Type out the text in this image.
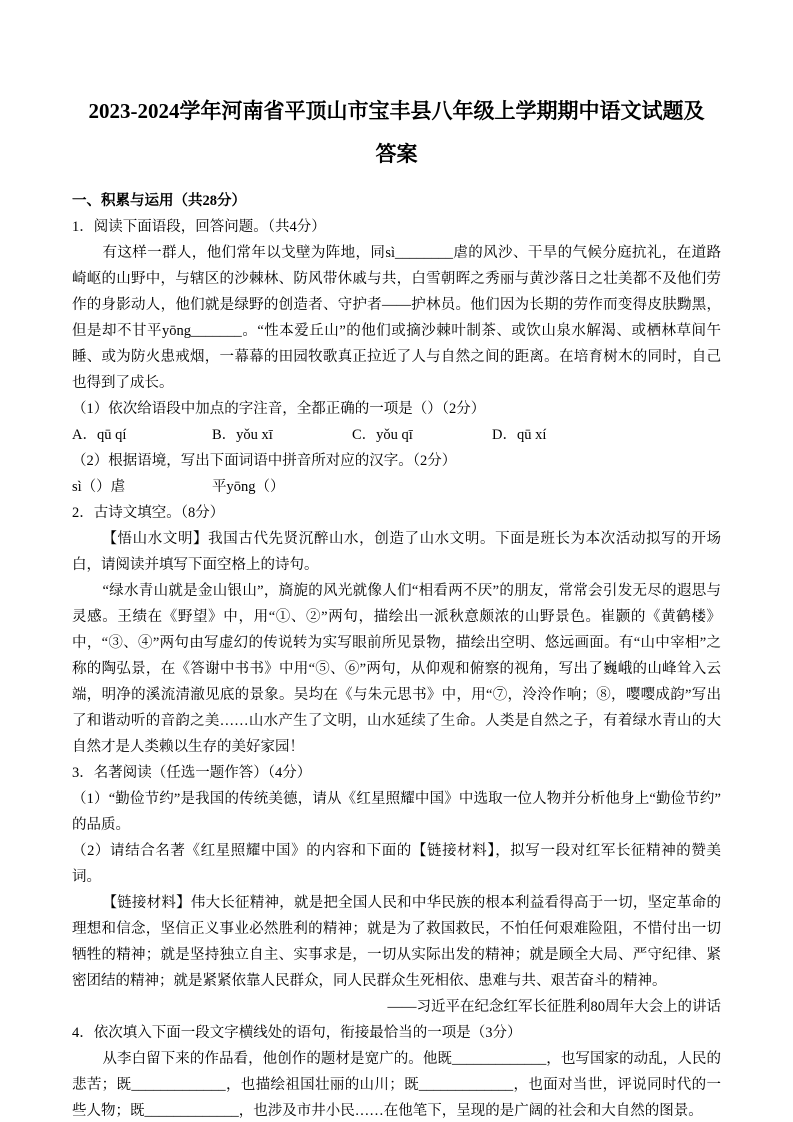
2023-2024学年河南省平顶山市宝丰县八年级上学期期中语文试题及
答案

一、积累与运用（共28分）

1．阅读下面语段，回答问题。（共4分）

有这样一群人，他们常年以戈壁为阵地，同sì________虐的风沙、干旱的气候分庭抗礼，在道路崎岖的山野中，与辖区的沙棘林、防风带休戚与共，白雪朝晖之秀丽与黄沙落日之壮美都不及他们劳作的身影动人，他们就是绿野的创造者、守护者——护林员。他们因为长期的劳作而变得皮肤黝黑，但是却不甘平yōng_______。“性本爱丘山”的他们或摘沙棘叶制茶、或饮山泉水解渴、或栖林草间午睡、或为防火患戒烟，一幕幕的田园牧歌真正拉近了人与自然之间的距离。在培育树木的同时，自己也得到了成长。

（1）依次给语段中加点的字注音，全都正确的一项是（）（2分）

A．qū qí	B．yǒu xī	C．yǒu qī	D．qū xí

（2）根据语境，写出下面词语中拼音所对应的汉字。（2分）

sì（）虐	平yōng（）

2．古诗文填空。（8分）

【悟山水文明】我国古代先贤沉醉山水，创造了山水文明。下面是班长为本次活动拟写的开场白，请阅读并填写下面空格上的诗句。

“绿水青山就是金山银山”，旖旎的风光就像人们“相看两不厌”的朋友，常常会引发无尽的遐思与灵感。王绩在《野望》中，用“①、②”两句，描绘出一派秋意颇浓的山野景色。崔颢的《黄鹤楼》中，“③、④”两句由写虚幻的传说转为实写眼前所见景物，描绘出空明、悠远画面。有“山中宰相”之称的陶弘景，在《答谢中书书》中用“⑤、⑥”两句，从仰观和俯察的视角，写出了巍峨的山峰耸入云端，明净的溪流清澈见底的景象。吴均在《与朱元思书》中，用“⑦，泠泠作响；⑧，嘤嘤成韵”写出了和谐动听的音韵之美……山水产生了文明，山水延续了生命。人类是自然之子，有着绿水青山的大自然才是人类赖以生存的美好家园！

3．名著阅读（任选一题作答）（4分）

（1）“勤俭节约”是我国的传统美德，请从《红星照耀中国》中选取一位人物并分析他身上“勤俭节约”的品质。

（2）请结合名著《红星照耀中国》的内容和下面的【链接材料】，拟写一段对红军长征精神的赞美词。

【链接材料】伟大长征精神，就是把全国人民和中华民族的根本利益看得高于一切，坚定革命的理想和信念，坚信正义事业必然胜利的精神；就是为了救国救民，不怕任何艰难险阻，不惜付出一切牺牲的精神；就是坚持独立自主、实事求是，一切从实际出发的精神；就是顾全大局、严守纪律、紧密团结的精神；就是紧紧依靠人民群众，同人民群众生死相依、患难与共、艰苦奋斗的精神。

——习近平在纪念红军长征胜利80周年大会上的讲话

4．依次填入下面一段文字横线处的语句，衔接最恰当的一项是（3分）

从李白留下来的作品看，他创作的题材是宽广的。他既_____________，也写国家的动乱，人民的悲苦；既_____________，也描绘祖国壮丽的山川；既_____________，也面对当世，评说同时代的一些人物；既_____________，也涉及市井小民……在他笔下，呈现的是广阔的社会和大自然的图景。
